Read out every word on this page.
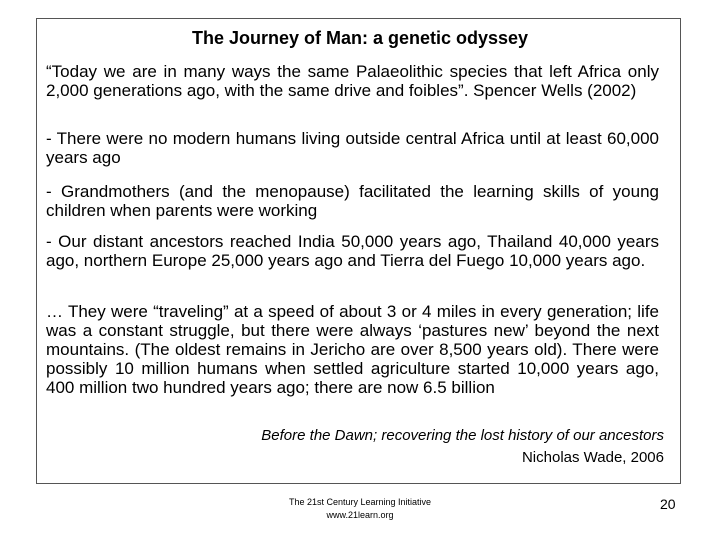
The Journey of Man: a genetic odyssey

“Today we are in many ways the same Palaeolithic species that left Africa only 2,000 generations ago, with the same drive and foibles”. Spencer Wells (2002)

- There were no modern humans living outside central Africa until at least 60,000 years ago

- Grandmothers (and the menopause) facilitated the learning skills of young children when parents were working

- Our distant ancestors reached India 50,000 years ago, Thailand 40,000 years ago, northern Europe 25,000 years ago and Tierra del Fuego 10,000 years ago.

… They were “traveling” at a speed of about 3 or 4 miles in every generation; life was a constant struggle, but there were always ‘pastures new’ beyond the next mountains. (The oldest remains in Jericho are over 8,500 years old). There were possibly 10 million humans when settled agriculture started 10,000 years ago, 400 million two hundred years ago; there are now 6.5 billion

Before the Dawn; recovering the lost history of our ancestors

Nicholas Wade, 2006

The 21st Century Learning Initiative
www.21learn.org
20
